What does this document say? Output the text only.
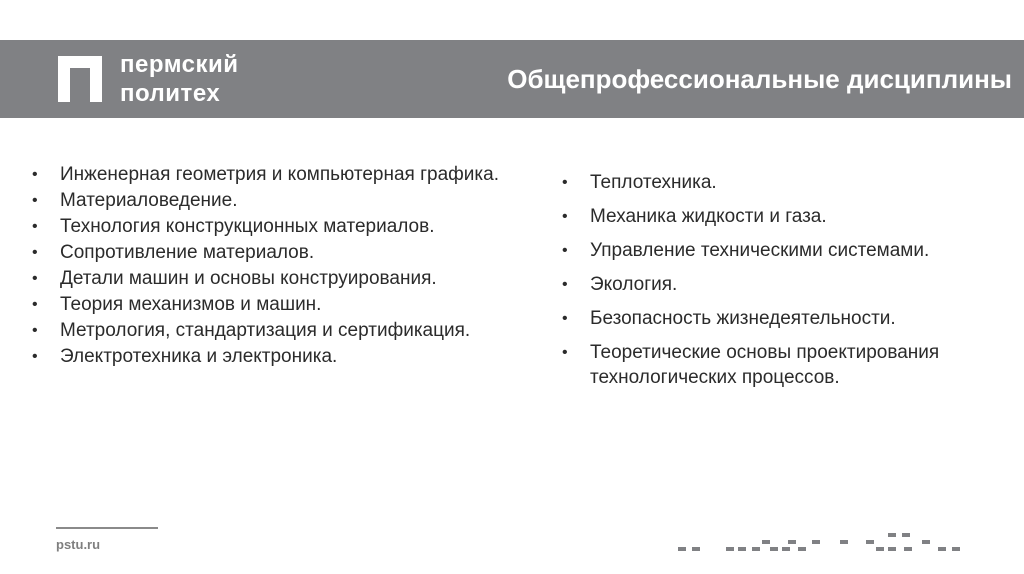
пермский
политех	Общепрофессиональные дисциплины
• Инженерная геометрия и компьютерная графика.
• Материаловедение.
• Технология конструкционных материалов.
• Сопротивление материалов.
• Детали машин и основы конструирования.
• Теория механизмов и машин.
• Метрология, стандартизация и сертификация.
• Электротехника и электроника.
• Теплотехника.
• Механика жидкости и газа.
• Управление техническими системами.
• Экология.
• Безопасность жизнедеятельности.
• Теоретические основы проектирования технологических процессов.
pstu.ru
